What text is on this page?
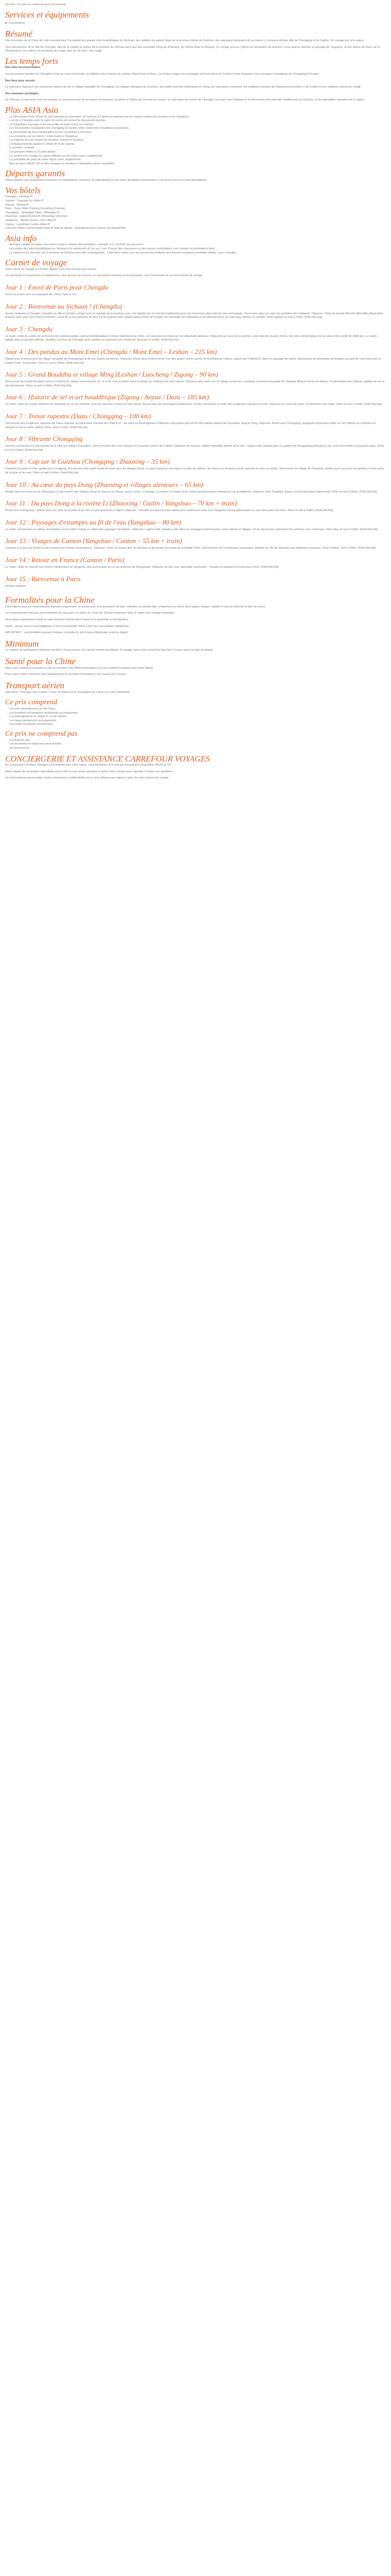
Accueil > Ce prix ne comprend pas Conciergerie
Services et équipements
Conciergerie
Résumé

Une excursion de la Chine de Late couvrant tous l'incomplet des grands sites bouddhiques du Sichuan, des tradition du panda Dong de la province même du Guizhou, des paysages fascinants de sa riviere Li, à travers ethnies ville de Chongqing et de Guilins. Un voyage très à la nature.

Vous découvrirez de la ville de Chengdu, ville de la cuisine et culture de la province du Sichuan ainsi que des ensemble Dong de Zhaoxing, de l'ethnie Miao et Zhuang. Ce voyage sera au rythme du monastère de Guizhou, vous pourrez aborder le paysage de Yangshuo, la cité nature de Dazu, de la Renaissance, les rizières en terrasses de Longji, plus sur la côte Li de Longji.

Les temps forts

Des sites incontournables

Les plus beaux temples de Chengdu et l'art de vivre sichuanais, les bâtiaux sites classés de Leshan, Mont Emei et Dazu. Les beaux rivages des paysages de la province du Guizhou et de Yangshuo, les mauvaises montagnes de Chongqing et Guilins.

Des lieux plus secrets

La mauvaise Zigong et ses anciennes salines de sel, le village tranquille de Chongqing, les villages ethniques du Guizhou, des petits marchés d'artisanat sur Dong, les mauvaises coutumes, les traditions vivantes de Zhaoxing et la rivière Li de Guilins et ses célèbres rizières de Longji.

Des moments privilégiés

Au Sichuan, la rencontre avec les pandas, le savoureux tour de la cuisine sichuanaise, la soirée à l'Opéra du Sichuan au musée, un café dans les ruelles de Chengdu, l'accueil chez l'habitant et la découverte des marchés traditionnels au Guizhou, et les spécialités culinaires de la région.

Plus ASIA Asia
- La découverte d'une Chine du sud originale et contrastée, du Sichuan à Canton en passant par les régions isolées du Guizhou et de Yangshuo
- L'accès à Chengdu avec la visite du centre de recherche des grands pandas
- Le magnifique paysage et les merveilles du pays Dong au Guizhou
- Les découvertes marquantes de Chongqing et Canton entre modernité et traditions ancestrales
- La découverte de lieux mémorables et des rencontres à nos yeux
- Les croisières sur la rivière Li entre Guilin et Yangshuo
- Les régions encore vierges de touristes comme le Guizhou
- L'hébergement de qualité en hôtels 4* et de charme
- Le premier comptoir
- Les groupes limités à 16 participants
- Le conseil d'un voyage en classe Affaires sur Air China (avec supplément)
- La possibilité de partir de votre région (avec supplément)
- Nos services 24h/24 7j/7 et des voyages en aventure à destination (avec conseiller)
Départs garantis

Départ garanti sans supplément minimum 10 participants, maximum 16 participants sur les dates de départ mentionnées ci-dessous (entre les mois disponibles).

Vos hôtels

Chengdu : Xindong 4*

Leshan : Yuanxian Ivy Hôtel 4*

Zigong : Jinfeng 4*

Dazu : Dazu Shike Yuelong Guanting (Chiense)

Chongqing : Jiefangbei Hôtel, Jiefangbei 4*

Zhaoxing : Lijiang Ronerium (Zhaoxing) (charme)

Yangshuo : Jianteri Green Lotus Hôtel 4*

Canton : Landmark Canton Hôtel 4*

Liste des hôtels communiquée avec la date de départ ; équivalents sous réserve de disponibilité.

Asia info
- Itinéraire valable en saison tout moins (sauf en dehors des périodes) - exemple 3,2-1-2/2026 par personne.
- Les visites des sites bouddhiques au Sichuan et le weekends du 1er au 2 nov. Prevoir des chaussures et des tenues confortables, non compris les prestations liées.
- La rando sur du Sichuan, de la province de Guizhou peut être contraignante ; il faut donc éviter pour les personnes souffrant de certaines maladies à mobilité réduite, nous consulter.
Carnet de voyage

Votre carnet de voyage en version digitale vous sera envoyé par courrier.

Sur demande et moyennant un supplément, vous pouvez en recevoir un exemplaire imprimé au format papier, avec l'ensemble de vos documents de voyage.

Jour 1 : Envol de Paris pour Chengdu

Envol en soirée vers la compagnie Air China. Nuit en vol.

Jour 2 : Bienvenue au Sichuan ! (Chengdu)

Arrivée matinale à Chengdu, transfert en ville et premier contact avec la capitale de la province avec une balade sur un marché traditionnel pour une immersion dans l'art de vivre sichuanais. Vous serez ainsi au cœur du quotidien des habitants. Déjeuner. Visite du temple Wenshu (Bouddha Manjushri), toujours actif, avec une nonne à chanter, suivie de la rue piétonne de Jinli. En fin d'après-midi, balade dans le Parc du Peuple, lieu privilégié des habitants où ils viennent jouer au mah-jong, danser ou chanter. Dîner typique et nuit à l'hôtel. (Petit-Déj-Déj)

Jour 3 : Chengdu

Le matin, visite du centre de recherche des grands pandas, animal emblématique et trésor national de la Chine, où vous pourrez observer ces attachants animaux. Déjeuner au cours de la journée, puis visite du musée Jinsha, d'un site archéologique de la culture Shu vieille de 3000 ans. Le matin, balade dans le quartier tibétain. Quartier Lao-Kou de Chengdu, puis assistez au spectacle de l'Opéra du Sichuan en soirée. (Petit-Déj-Déj)

Jour 4 : Des pandas au Mont Emei (Chengdu / Mont Emei – Leshan – 215 km)

Départ pour la découverte du village tranquille de Huanglongxi et de ses ruelles anciennes. Déjeuner. Route pour le Mont Emei, l'un des quatre monts sacrés du bouddhisme chinois, classé par l'UNESCO, dans un paysage de forêts. Découverte du monastère de Baoguo au pied du mont ainsi que le temple Fuhu. Soirée libre. Dîner et nuit à l'hôtel. (Petit-Déj-Déj)

Jour 5 : Grand Bouddha et village Ming (Leshan / Luocheng / Zigong – 90 km)

Découverte du Grand Bouddha inscrit à l'UNESCO, statue monumentale de 71 m de haut sculptée dans la falaise au confluent de trois rivières. Déjeuner puis route vers le village ancien de Luocheng, ancienne bourgade de l'époque Ming en forme de bateau. Continuation vers Zigong, capitale du sel et des dinosaures. Dîner et nuit à l'hôtel. (Petit-Déj-Déj)

Jour 6 : Histoire de sel et art bouddhique (Zigong / Anyue / Dazu – 185 km)

Le matin, visite du musée d'histoire de l'industrie du sel de Shenhai, puits de saumure creusé au XIXe siècle. Découverte des techniques d'extraction. Route vers Anyue et visite des sculptures rupestres de Pilu. Déjeuner en cours de route. Continuation vers Dazu. Dîner et nuit à l'hôtel. (Petit-Déj-Déj)

Jour 7 : Trésor rupestre (Dazu / Chongqing – 100 km)

Découverte des sculptures rupestres de Dazu classées au patrimoine mondial de l'UNESCO : les sites de Baodingshan et Beishan regroupent plus de 50 000 statues datant des dynasties Tang et Song. Déjeuner. Route pour Chongqing, mégapole dynamique bâtie sur les collines au confluent du Yangtsé et de la rivière Jialing. Dîner. Nuit à l'hôtel. (Petit-Déj-Déj)

Jour 8 : Vibrante Chongqing

Journée consacrée à la découverte de la ville aux milliers d'escaliers, dont le musée des Trois Gorges et le quartier ancien de Ciqikou. Déjeuner de hot-pot, célèbre spécialité épicée de la ville. L'après-midi, balade dans le quartier de Hongyadong illuminé le soir, puis promenade le long des quais. Dîner et nuit à l'hôtel. (Petit-Déj-Déj)

Jour 9 : Cap sur le Guizhou (Chongqing / Zhaoxing – 35 km)

Transfert à la gare et train rapide pour Congjiang. Accueil par votre guide locale et route pour les villages Dong. Le pays Dong est une région reculée de vallées, de rizières en terrasses et de maisons en bois sur pilotis. Découverte du village de Zhaoxing, célèbre pour ses tours du tambour et ses ponts de la pluie et du vent. Dîner et nuit à l'hôtel. (Petit-Déj-Déj)

Jour 10 : Au cœur du pays Dong (Zhaoxing et villages alentours – 65 km)

Balade dans les environs de Zhaoxing à la découverte des villages Dong de Tang'an et Jitang, accès à pied. Le tissage, la teinture à l'indigo et les chants polyphoniques rythment la vie quotidienne. Déjeuner chez l'habitant. Retour à Zhaoxing dans l'après-midi. Dîner et nuit à l'hôtel. (Petit-Déj-Déj)

Jour 11 : Du pays Dong à la rivière Li (Zhaoxing / Guilin / Yangshuo – 70 km + train)

Route vers Chengyang, célèbre pour son pont de la pluie et du vent, le plus grand de la région. Déjeuner. Transfert à la gare et train rapide pour Guilin puis route vers Yangshuo, bourg pittoresque au cœur des pains de sucre. Dîner et nuit à l'hôtel. (Petit-Déj-Déj)

Jour 12 : Paysages d'estampes au fil de l'eau (Yangshuo – 80 km)

Le matin, promenade en radeau de bambou sur la rivière Yulong au milieu des paysages karstiques. Déjeuner. L'après-midi, balade à vélo dans la campagne environnante, entre rizières et villages. En fin de journée, spectacle d'un pêcheur aux cormorans. Dîner libre et nuit à l'hôtel. (Petit-Déj-Déj)

Jour 13 : Visages de Canton (Yangshuo / Canton – 55 km + train)

Transfert à la gare de Guilin et train rapide pour Canton (Guangzhou). Déjeuner. Visite du temple des Six Banians et du temple ancestral de la famille Chen, chef-d'œuvre de l'architecture cantonaise. Balade sur l'île de Shamian aux bâtiments coloniaux. Dîner d'adieu. Nuit à l'hôtel. (Petit-Déj-Déj)

Jour 14 : Retour en France (Canton / Paris)

Le matin, visite du marché aux herbes médicinales de Qingping, puis promenade sur la rue piétonne de Shangxiajiu. Déjeuner de dim sum, spécialité cantonaise. Transfert à l'aéroport et envol pour Paris. (Petit-Déj-Déj)

Jour 15 : Bienvenue à Paris

Arrivée matinale.

Formalités pour la Chine

Informations pour les ressortissants français uniquement, en possession d'un passeport de type ordinaire, en parfait état, comportant au moins deux pages vierges, valable 6 mois au-delà de la date de retour.

Les ressortissants français sont exemptés de visa pour un séjour en Chine de 30 jours maximum dans le cadre d'un voyage touristique.

Vous devez également remplir la carte d'arrivée remise dans l'avion et la présenter à l'immigration.

Santé : aucun vaccin n'est obligatoire. Il est recommandé d'être à jour des vaccinations habituelles.

IMPORTANT : Les formalités peuvent évoluer, consultez le site France Diplomatie avant le départ.

Minimum

Le nombre de participants minimum est fixé à 10 personnes. En cas de nombre insuffisant, le voyage pourra être annulé au plus tard 21 jours avant la date de départ.

Santé pour la Chine

Nous vous invitons à consulter le site du ministère des Affaires étrangères et votre médecin traitant avant votre départ.

Pour votre confort, prévoyez des médicaments de première nécessité et une trousse de secours.

Transport aérien

Vols Paris / Chengdu puis Canton / Paris via Pékin sur la compagnie Air China (sur votre demande).

Ce prix comprend
- Les vols internationaux sur Air China
- Les transferts et transports mentionnés au programme
- Les hébergements en hôtels 4* ou de charme
- Les repas mentionnés au programme
- Les visites et entrées mentionnées
Ce prix ne comprend pas
- Les frais de visa
- Les pourboires et dépenses personnelles
- Les assurances
CONCIERGERIE ET ASSISTANCE CARREFOUR VOYAGES

En choisissant Carrefour Voyages Conciergerie pour votre séjour, vous bénéficiez d'un service d'assistance disponible 24h/24 et 7j/7.

Notre équipe de conseillers spécialisés est à votre écoute avant, pendant et après votre voyage pour répondre à toutes vos questions.

Vos informations personnelles restent strictement confidentielles et ne sont utilisées que dans le cadre de votre dossier de voyage.
